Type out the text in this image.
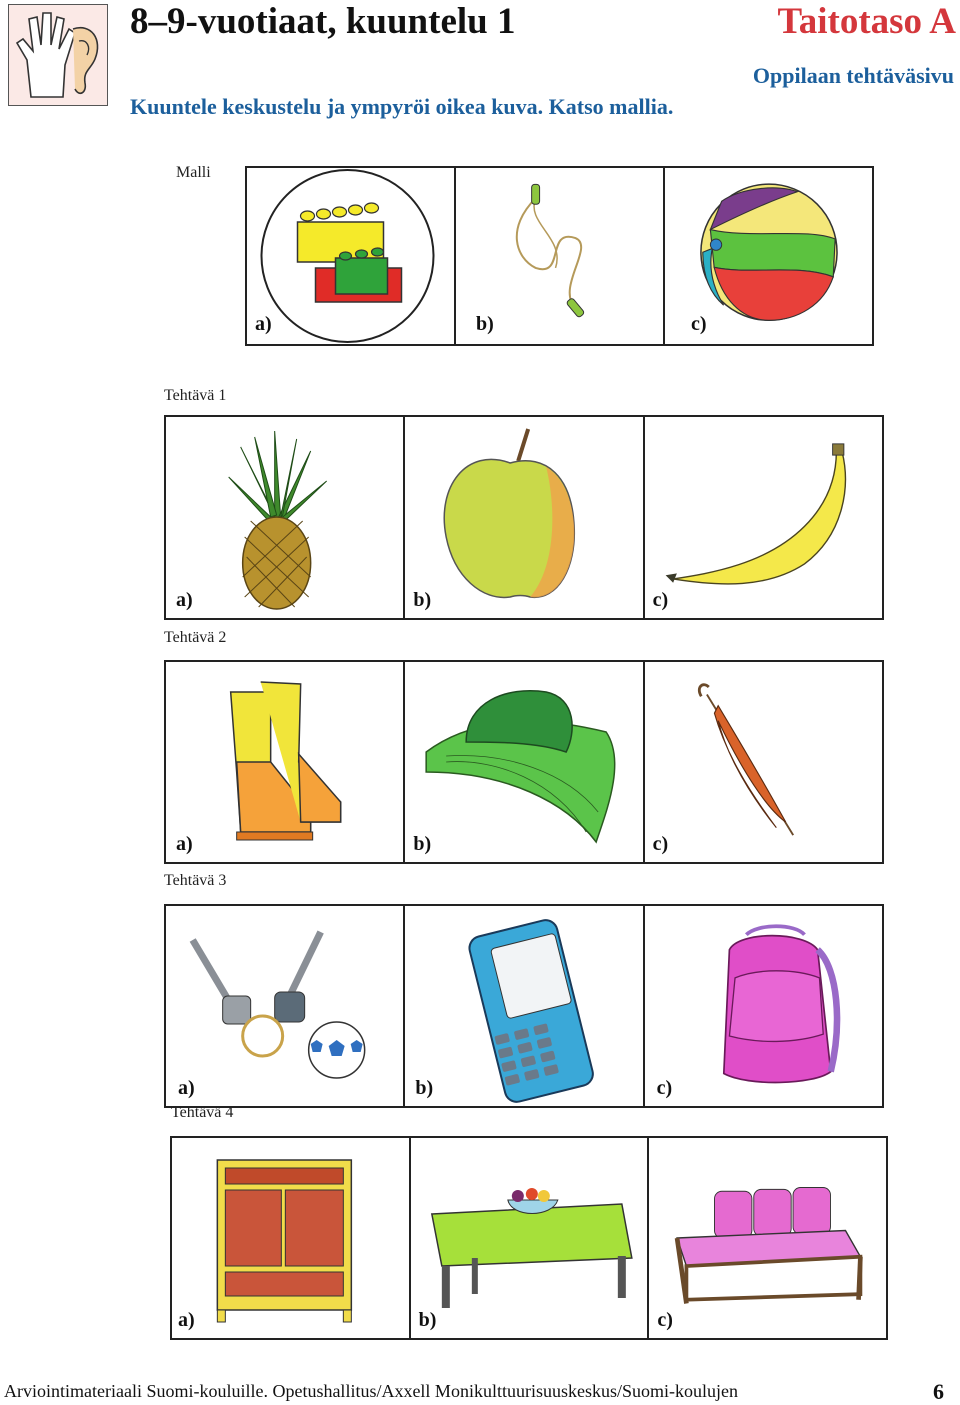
8–9-vuotiaat, kuuntelu 1	Taitotaso A
Oppilaan tehtäväsivu
Kuuntele keskustelu ja ympyröi oikea kuva. Katso mallia.
Malli
a)	b)	c)
Tehtävä 1
a)	b)	c)
Tehtävä 2
a)	b)	c)
Tehtävä 3
a)	b)	c)
Tehtävä 4
a)	b)	c)
Arviointimateriaali Suomi-kouluille. Opetushallitus/Axxell Monikulttuurisuuskeskus/Suomi-koulujen	6
